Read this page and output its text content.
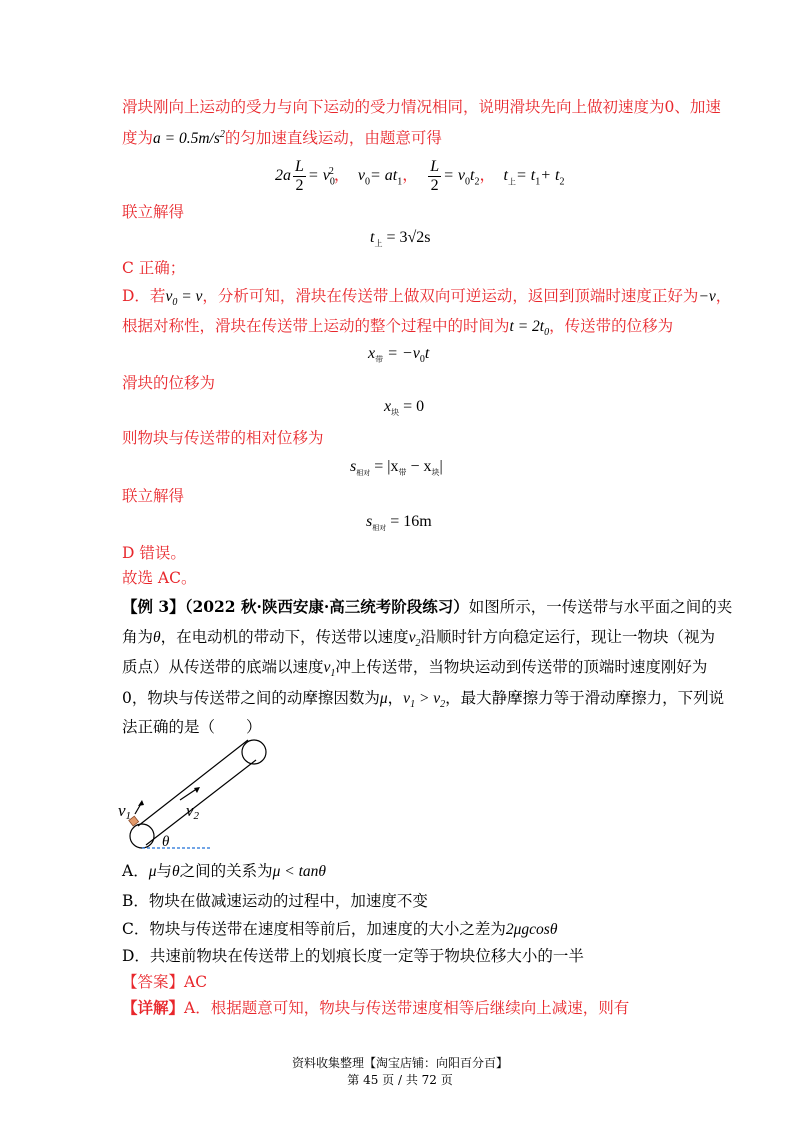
滑块刚向上运动的受力与向下运动的受力情况相同，说明滑块先向上做初速度为0、加速
度为$a = 0.5m/s^2$的匀加速直线运动，由题意可得
$2a \frac{L}{2} = v_0^2$， $v_0= at_1$， $\frac{L}{2} = v_0t_2$， $t_上= t_1+ t_2$
联立解得
$t_上 = 3√2s$
C 正确；
D．若$v_0 = v$，分析可知，滑块在传送带上做双向可逆运动，返回到顶端时速度正好为−v，
根据对称性，滑块在传送带上运动的整个过程中的时间为$t = 2t_0$，传送带的位移为
$x_带 = -v_0t$
滑块的位移为
$x_块 = 0$
则物块与传送带的相对位移为
$s_{相对} = |x_带 - x_块|$
联立解得
$s_{相对} = 16m$
D 错误。
故选 AC。
【例 3】（2022 秋·陕西安康·高三统考阶段练习）如图所示，一传送带与水平面之间的夹
角为θ，在电动机的带动下，传送带以速度$v_2$沿顺时针方向稳定运行，现让一物块（视为
质点）从传送带的底端以速度$v_1$冲上传送带，当物块运动到传送带的顶端时速度刚好为
0，物块与传送带之间的动摩擦因数为μ，$v_1 > v_2$，最大静摩擦力等于滑动摩擦力，下列说
法正确的是（　　）
v1	v2
θ
A．μ与θ之间的关系为μ < tanθ
B．物块在做减速运动的过程中，加速度不变
C．物块与传送带在速度相等前后，加速度的大小之差为2μgcosθ
D．共速前物块在传送带上的划痕长度一定等于物块位移大小的一半
【答案】AC
【详解】A．根据题意可知，物块与传送带速度相等后继续向上减速，则有
资料收集整理【淘宝店铺：向阳百分百】
第 45 页 / 共 72 页
